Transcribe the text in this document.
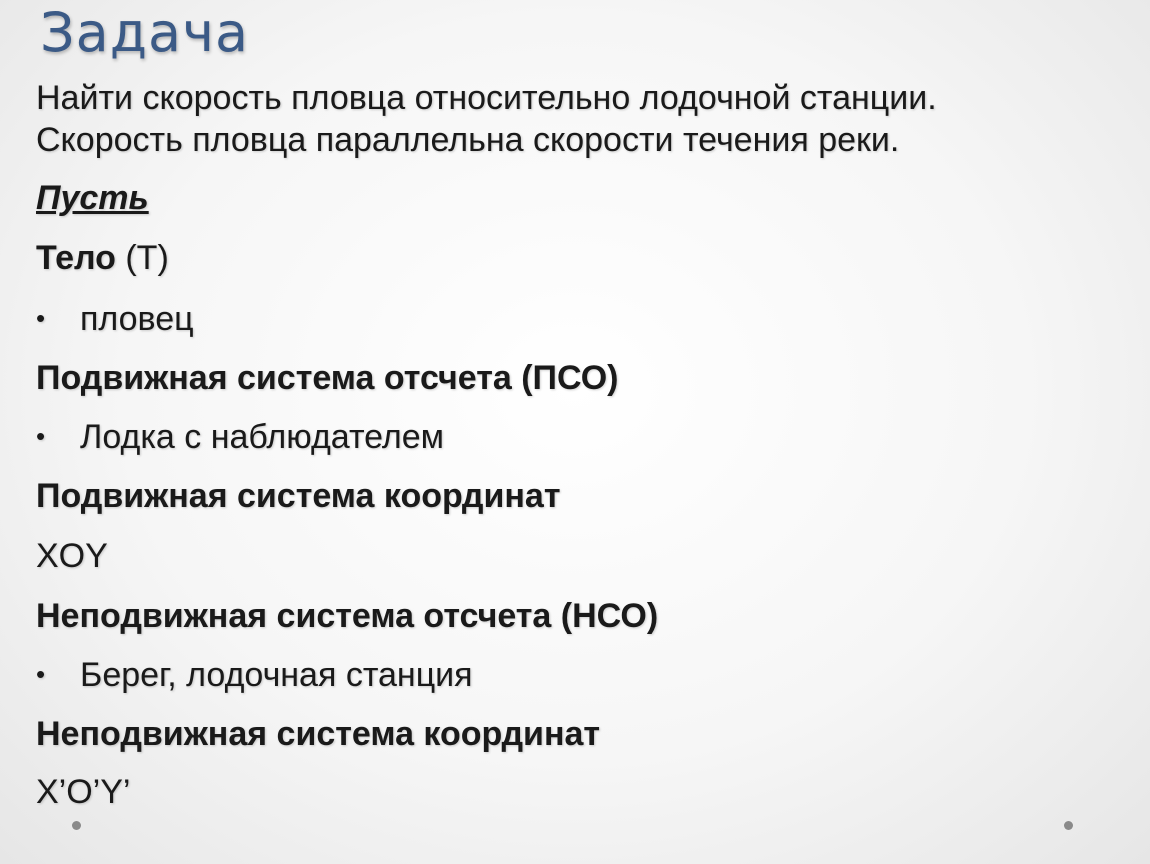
Задача
Найти скорость пловца относительно лодочной станции.
Скорость пловца параллельна скорости течения реки.
Пусть
Тело (Т)
• пловец
Подвижная система отсчета (ПСО)
• Лодка с наблюдателем
Подвижная система координат
XOY
Неподвижная система отсчета (НСО)
• Берег, лодочная станция
Неподвижная система координат
X’O’Y’
